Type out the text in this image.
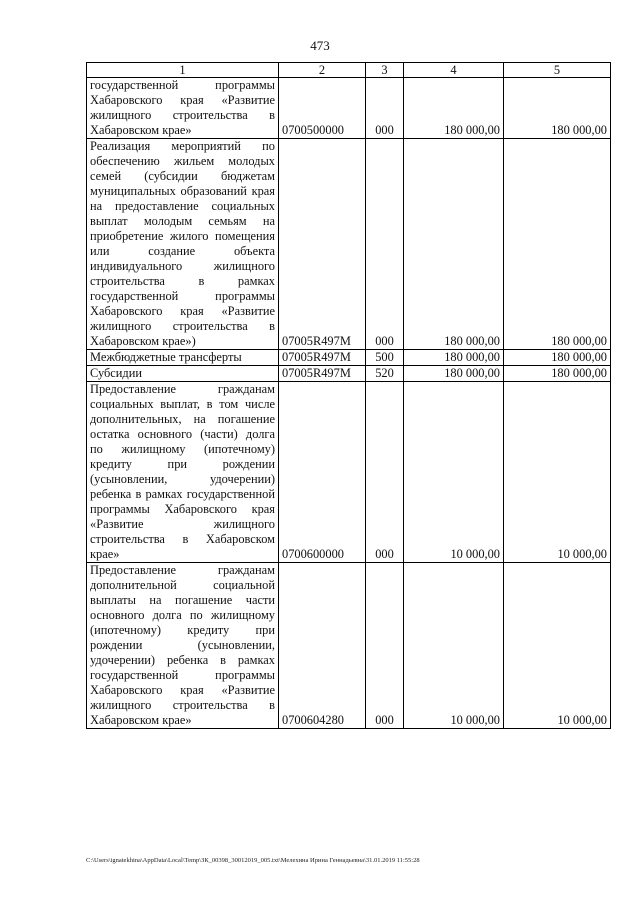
473
1	2	3	4	5
государственной программы Хабаровского края «Развитие жилищного строительства в Хабаровском крае»	0700500000	000	180 000,00	180 000,00
Реализация мероприятий по обеспечению жильем молодых семей (субсидии бюджетам муниципальных образований края на предоставление социальных выплат молодым семьям на приобретение жилого помещения или создание объекта индивидуального жилищного строительства в рамках государственной программы Хабаровского края «Развитие жилищного строительства в Хабаровском крае»)	07005R497M	000	180 000,00	180 000,00
Межбюджетные трансферты	07005R497M	500	180 000,00	180 000,00
Субсидии	07005R497M	520	180 000,00	180 000,00
Предоставление гражданам социальных выплат, в том числе дополнительных, на погашение остатка основного (части) долга по жилищному (ипотечному) кредиту при рождении (усыновлении, удочерении) ребенка в рамках государственной программы Хабаровского края «Развитие жилищного строительства в Хабаровском крае»	0700600000	000	10 000,00	10 000,00
Предоставление гражданам дополнительной социальной выплаты на погашение части основного долга по жилищному (ипотечному) кредиту при рождении (усыновлении, удочерении) ребенка в рамках государственной программы Хабаровского края «Развитие жилищного строительства в Хабаровском крае»	0700604280	000	10 000,00	10 000,00
C:\Users\ignatekhina\AppData\Local\Temp\ЗК_00398_30012019_005.txt\Мелехина Ирина Геннадьевна\31.01.2019 11:55:28
